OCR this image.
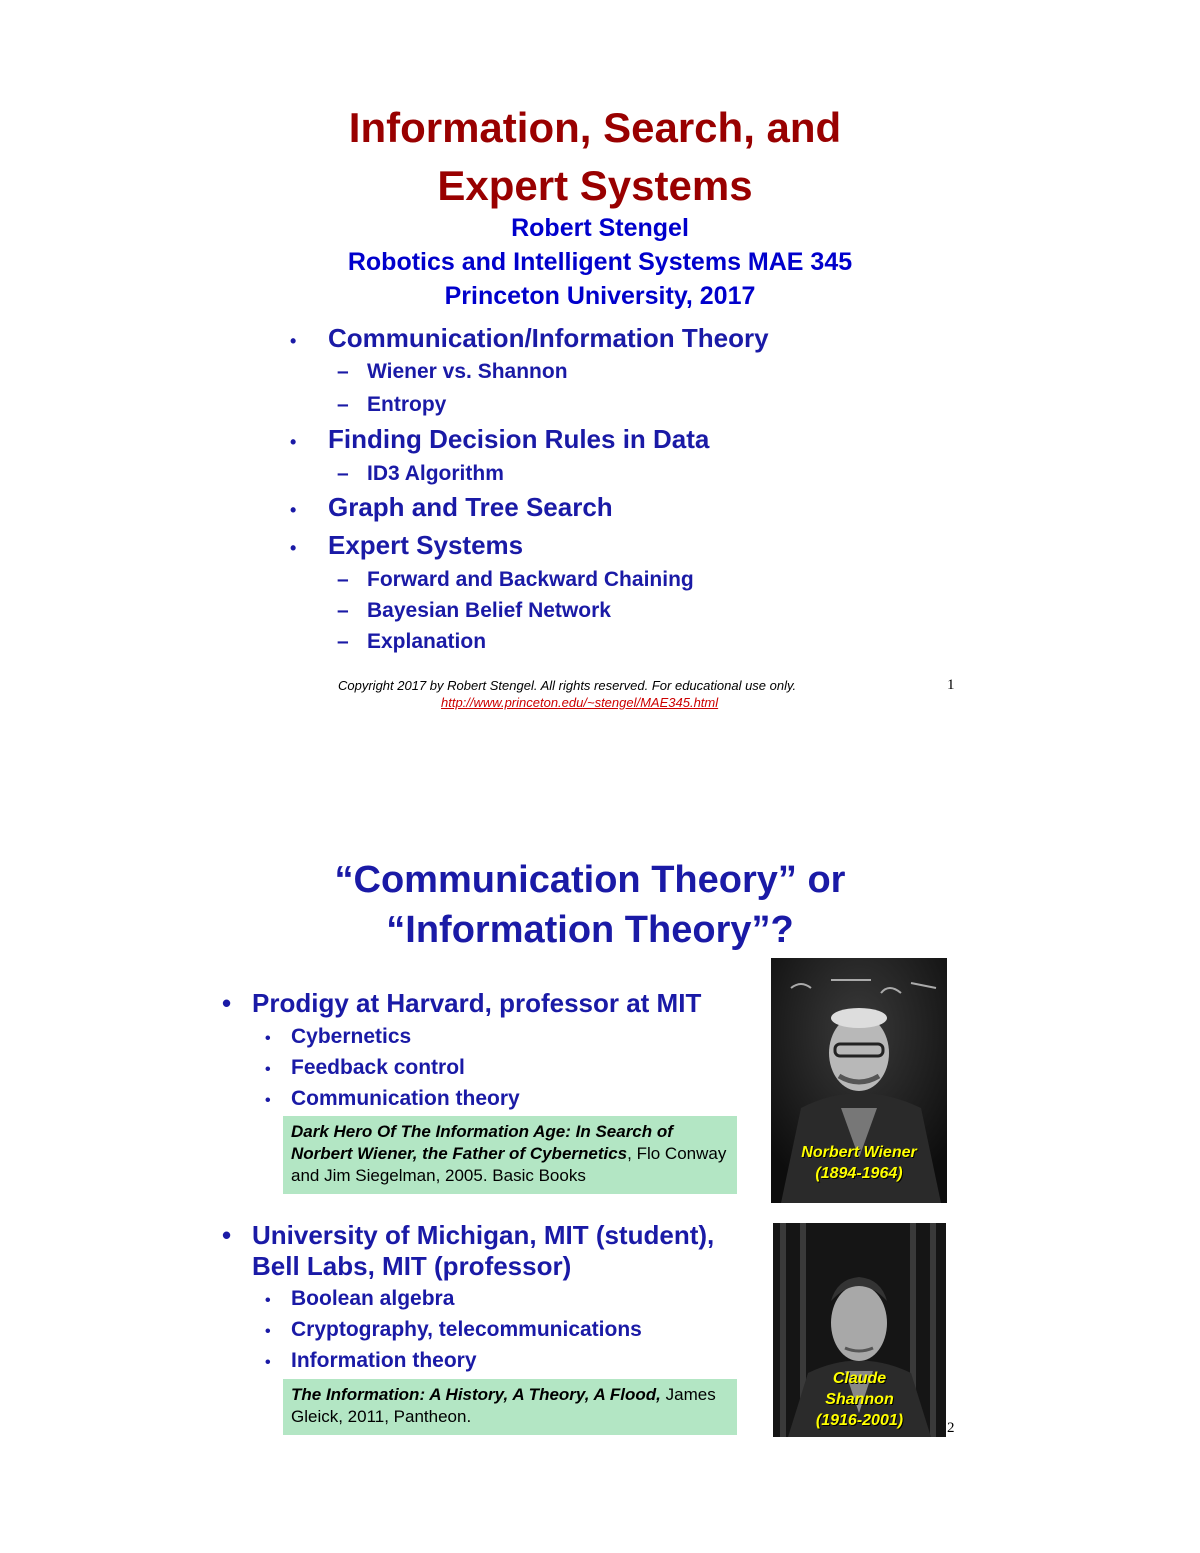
Information, Search, and
Expert Systems
Robert Stengel
Robotics and Intelligent Systems MAE 345
Princeton University, 2017
• Communication/Information Theory
– Wiener vs. Shannon
– Entropy
• Finding Decision Rules in Data
– ID3 Algorithm
• Graph and Tree Search
• Expert Systems
– Forward and Backward Chaining
– Bayesian Belief Network
– Explanation
Copyright 2017 by Robert Stengel. All rights reserved. For educational use only.
http://www.princeton.edu/~stengel/MAE345.html
1
“Communication Theory” or
“Information Theory”?
• Prodigy at Harvard, professor at MIT
• Cybernetics
• Feedback control
• Communication theory
Dark Hero Of The Information Age: In Search of Norbert Wiener, the Father of Cybernetics, Flo Conway and Jim Siegelman, 2005. Basic Books
Norbert Wiener
(1894-1964)
• University of Michigan, MIT (student),
Bell Labs, MIT (professor)
• Boolean algebra
• Cryptography, telecommunications
• Information theory
The Information: A History, A Theory, A Flood, James Gleick, 2011, Pantheon.
Claude
Shannon
(1916-2001)	2
